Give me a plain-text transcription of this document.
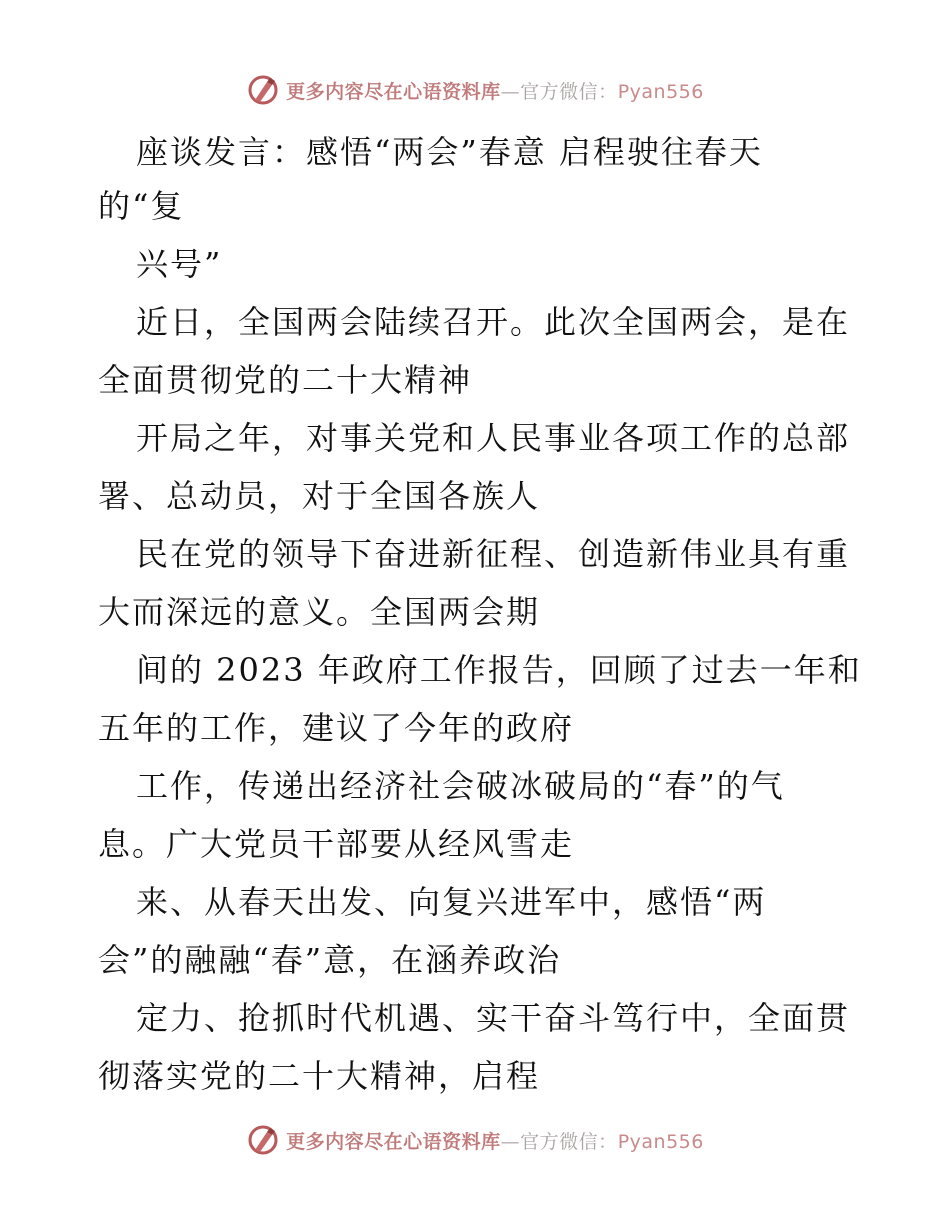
更多内容尽在心语资料库—官方微信：Pyan556
座谈发言：感悟“两会”春意 启程驶往春天
的“复
兴号”
近日，全国两会陆续召开。此次全国两会，是在
全面贯彻党的二十大精神
开局之年，对事关党和人民事业各项工作的总部
署、总动员，对于全国各族人
民在党的领导下奋进新征程、创造新伟业具有重
大而深远的意义。全国两会期
间的 2023 年政府工作报告，回顾了过去一年和
五年的工作，建议了今年的政府
工作，传递出经济社会破冰破局的“春”的气
息。广大党员干部要从经风雪走
来、从春天出发、向复兴进军中，感悟“两
会”的融融“春”意，在涵养政治
定力、抢抓时代机遇、实干奋斗笃行中，全面贯
彻落实党的二十大精神，启程
更多内容尽在心语资料库—官方微信：Pyan556
